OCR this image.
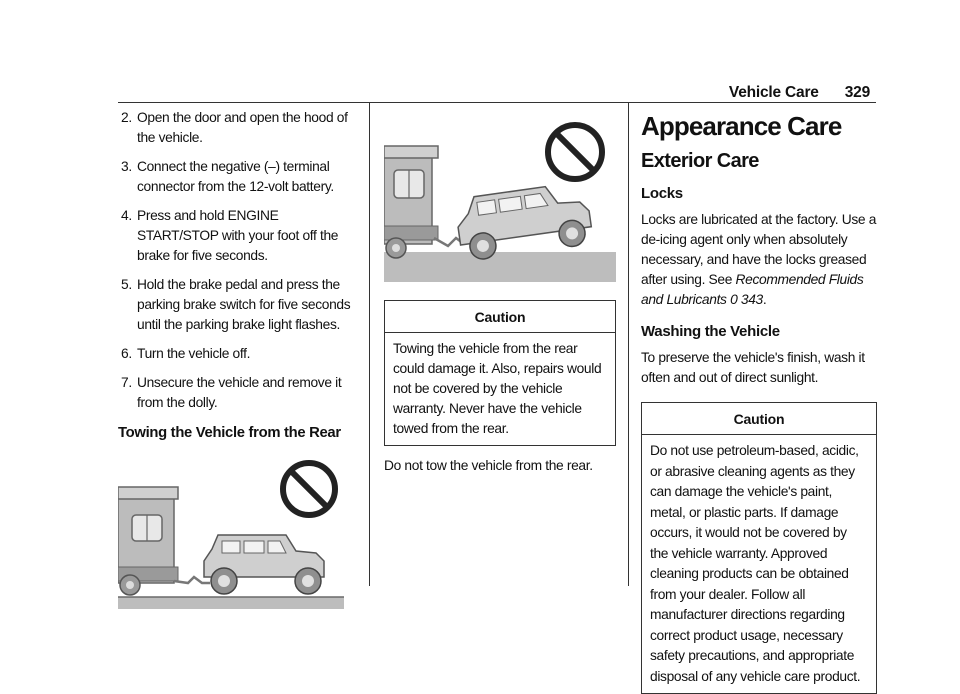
Vehicle Care 329
2. Open the door and open the hood of the vehicle.
3. Connect the negative (–) terminal connector from the 12-volt battery.
4. Press and hold ENGINE START/STOP with your foot off the brake for five seconds.
5. Hold the brake pedal and press the parking brake switch for five seconds until the parking brake light flashes.
6. Turn the vehicle off.
7. Unsecure the vehicle and remove it from the dolly.
Towing the Vehicle from the Rear
Caution
Towing the vehicle from the rear could damage it. Also, repairs would not be covered by the vehicle warranty. Never have the vehicle towed from the rear.

Do not tow the vehicle from the rear.

Appearance Care
Exterior Care
Locks

Locks are lubricated at the factory. Use a de-icing agent only when absolutely necessary, and have the locks greased after using. See Recommended Fluids and Lubricants 0 343.

Washing the Vehicle

To preserve the vehicle's finish, wash it often and out of direct sunlight.

Caution
Do not use petroleum-based, acidic, or abrasive cleaning agents as they can damage the vehicle's paint, metal, or plastic parts. If damage occurs, it would not be covered by the vehicle warranty. Approved cleaning products can be obtained from your dealer. Follow all manufacturer directions regarding correct product usage, necessary safety precautions, and appropriate disposal of any vehicle care product.
